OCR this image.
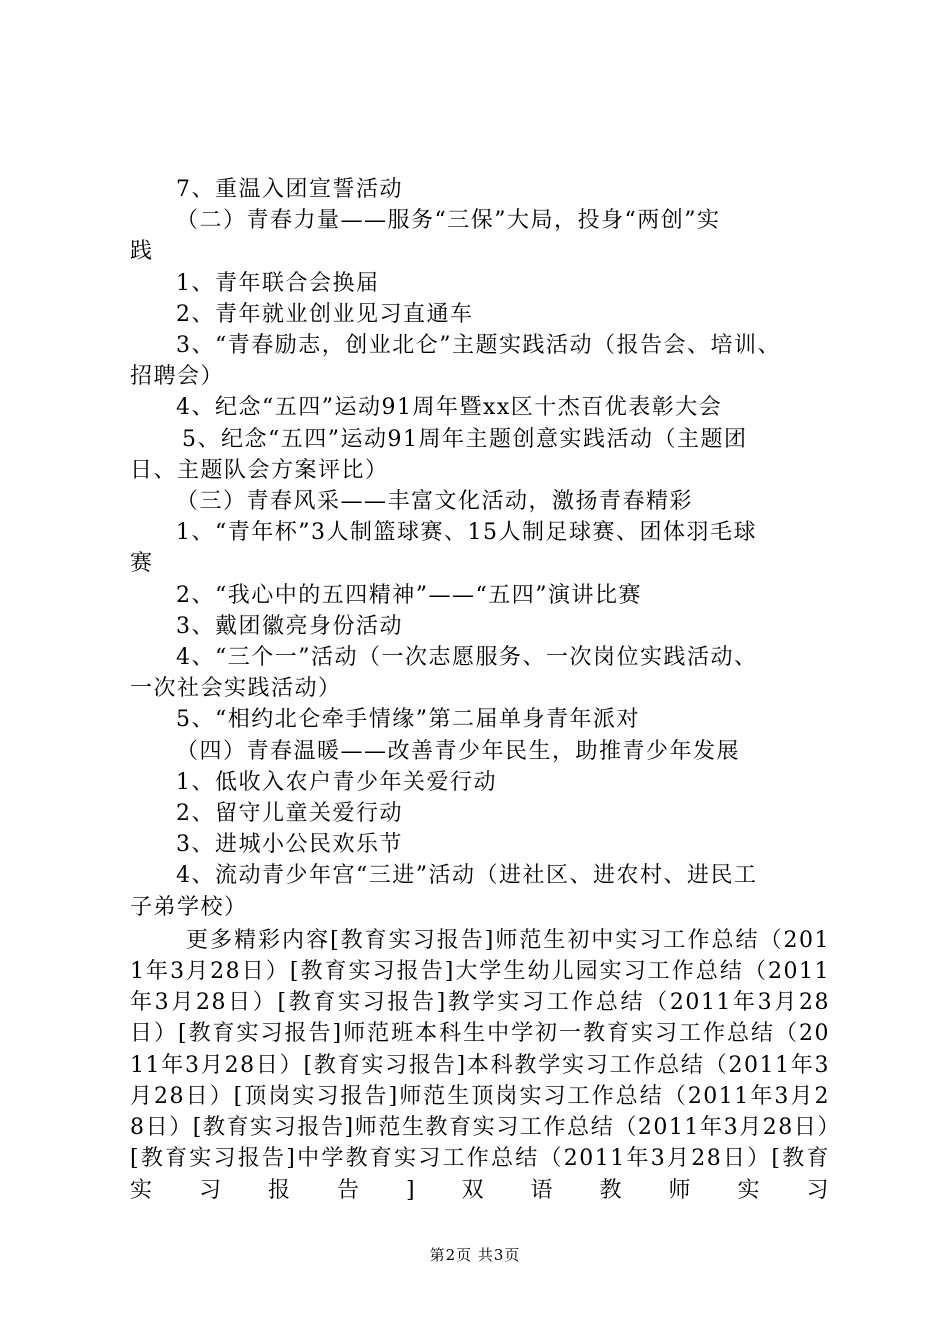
7、重温入团宣誓活动

（二）青春力量——服务“三保”大局，投身“两创”实

践

1、青年联合会换届

2、青年就业创业见习直通车

3、“青春励志，创业北仑”主题实践活动（报告会、培训、

招聘会）

4、纪念“五四”运动91周年暨xx区十杰百优表彰大会

5、纪念“五四”运动91周年主题创意实践活动（主题团

日、主题队会方案评比）

（三）青春风采——丰富文化活动，激扬青春精彩

1、“青年杯”3人制篮球赛、15人制足球赛、团体羽毛球

赛

2、“我心中的五四精神”——“五四”演讲比赛

3、戴团徽亮身份活动

4、“三个一”活动（一次志愿服务、一次岗位实践活动、

一次社会实践活动）

5、“相约北仑牵手情缘”第二届单身青年派对

（四）青春温暖——改善青少年民生，助推青少年发展

1、低收入农户青少年关爱行动

2、留守儿童关爱行动

3、进城小公民欢乐节

4、流动青少年宫“三进”活动（进社区、进农村、进民工

子弟学校）

更多精彩内容[教育实习报告]师范生初中实习工作总结（2011年3月28日）[教育实习报告]大学生幼儿园实习工作总结（2011年3月28日）[教育实习报告]教学实习工作总结（2011年3月28日）[教育实习报告]师范班本科生中学初一教育实习工作总结（2011年3月28日）[教育实习报告]本科教学实习工作总结（2011年3月28日）[顶岗实习报告]师范生顶岗实习工作总结（2011年3月28日）[教育实习报告]师范生教育实习工作总结（2011年3月28日）[教育实习报告]中学教育实习工作总结（2011年3月28日）[教育实习报告]双语教师实习

第2页 共3页
